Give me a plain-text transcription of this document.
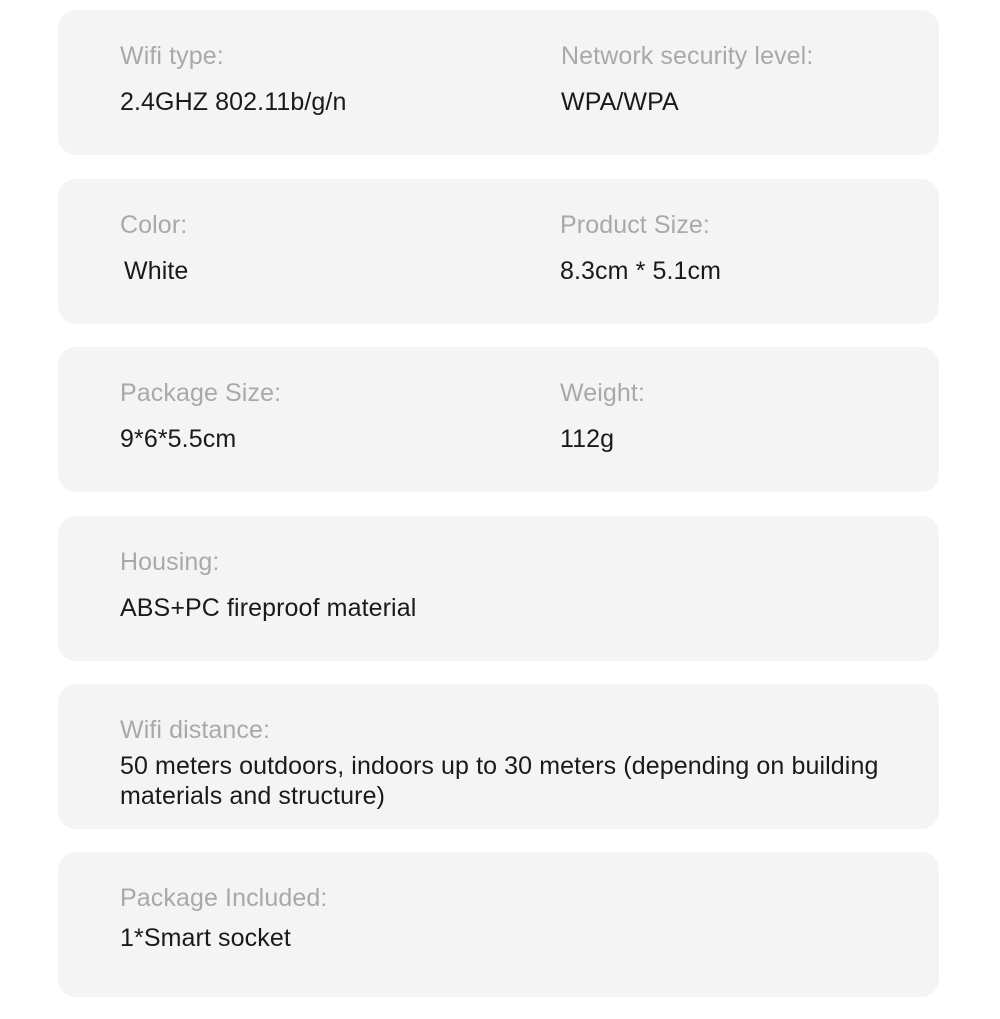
Wifi type:
2.4GHZ 802.11b/g/n
Network security level:
WPA/WPA
Color:
White
Product Size:
8.3cm * 5.1cm
Package Size:
9*6*5.5cm
Weight:
112g
Housing:
ABS+PC fireproof material
Wifi distance:
50 meters outdoors, indoors up to 30 meters (depending on building materials and structure)
Package Included:
1*Smart socket
